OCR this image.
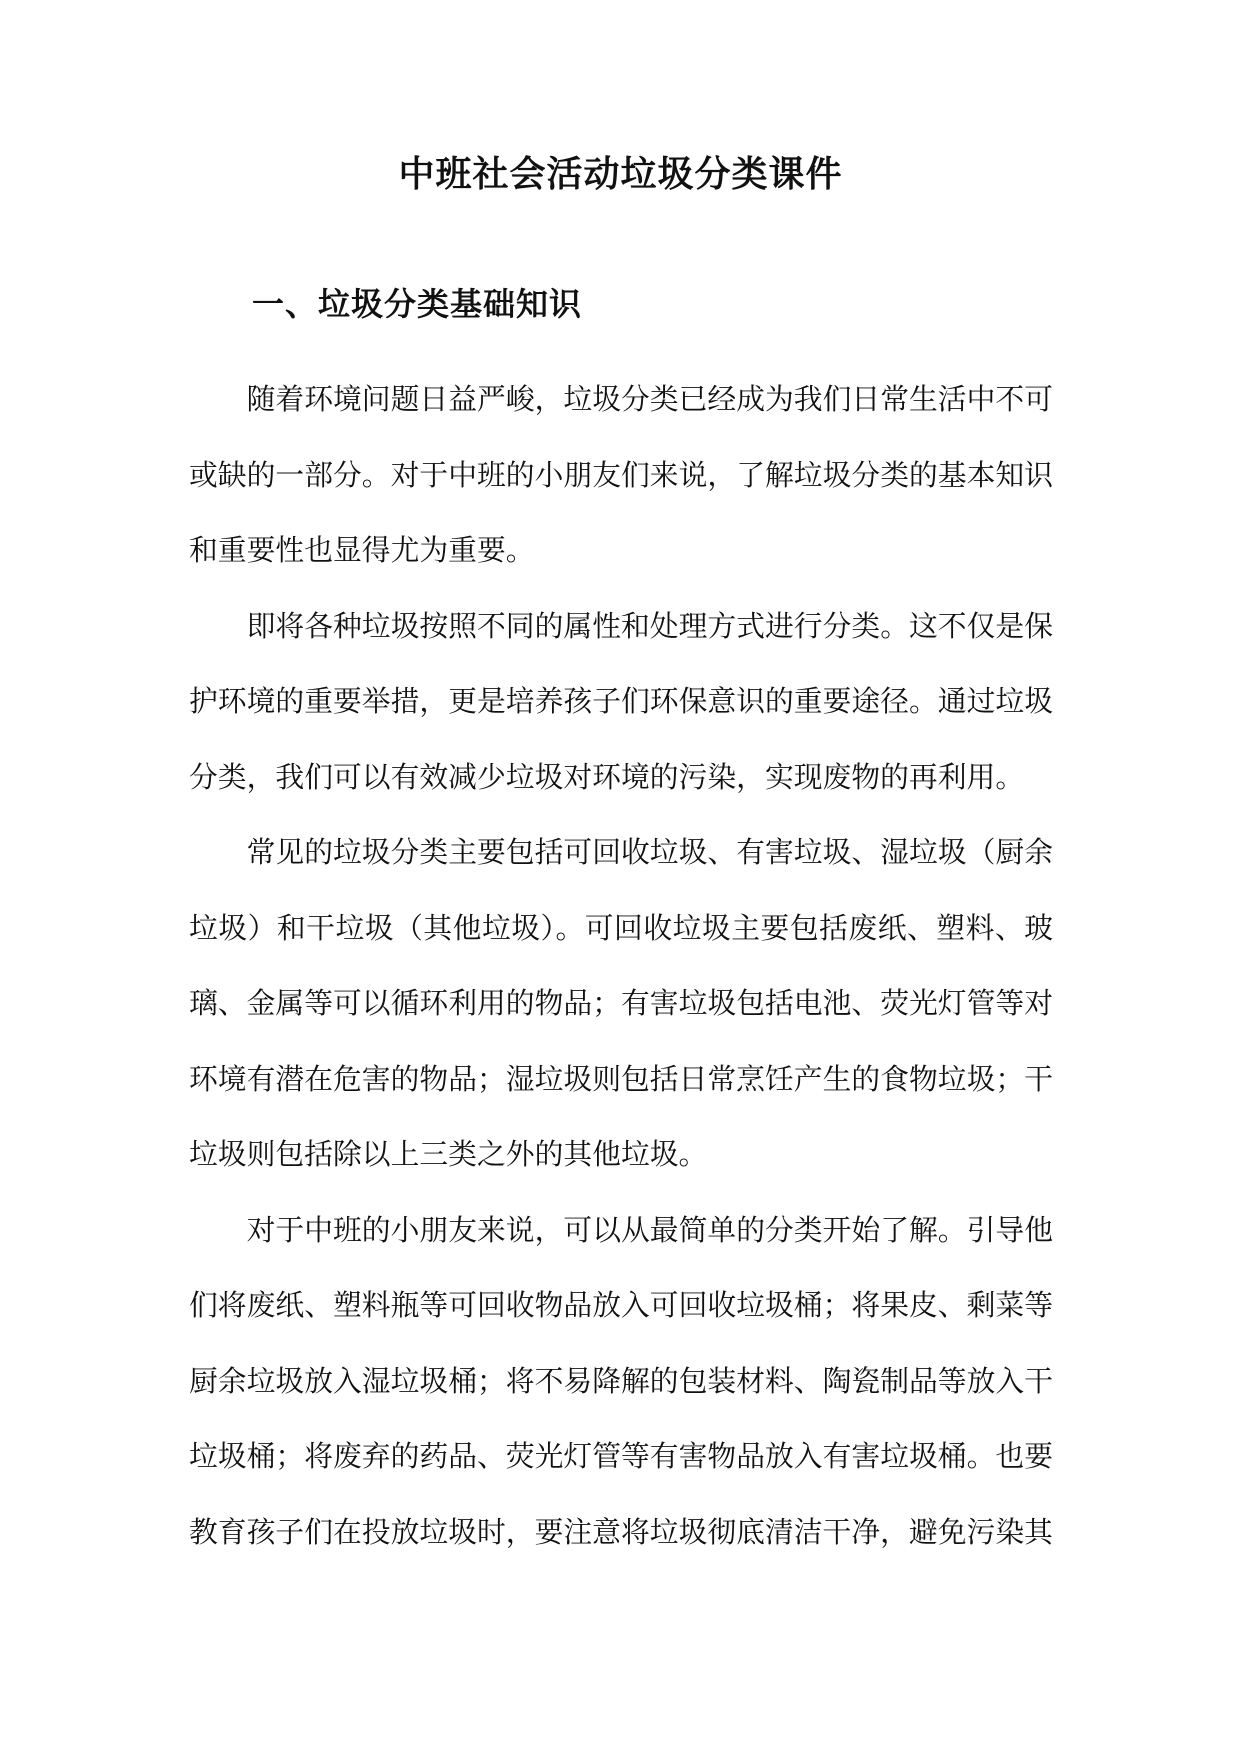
中班社会活动垃圾分类课件
一、垃圾分类基础知识

随着环境问题日益严峻，垃圾分类已经成为我们日常生活中不可或缺的一部分。对于中班的小朋友们来说，了解垃圾分类的基本知识和重要性也显得尤为重要。

即将各种垃圾按照不同的属性和处理方式进行分类。这不仅是保护环境的重要举措，更是培养孩子们环保意识的重要途径。通过垃圾分类，我们可以有效减少垃圾对环境的污染，实现废物的再利用。

常见的垃圾分类主要包括可回收垃圾、有害垃圾、湿垃圾（厨余垃圾）和干垃圾（其他垃圾）。可回收垃圾主要包括废纸、塑料、玻璃、金属等可以循环利用的物品；有害垃圾包括电池、荧光灯管等对环境有潜在危害的物品；湿垃圾则包括日常烹饪产生的食物垃圾；干垃圾则包括除以上三类之外的其他垃圾。

对于中班的小朋友来说，可以从最简单的分类开始了解。引导他们将废纸、塑料瓶等可回收物品放入可回收垃圾桶；将果皮、剩菜等厨余垃圾放入湿垃圾桶；将不易降解的包装材料、陶瓷制品等放入干垃圾桶；将废弃的药品、荧光灯管等有害物品放入有害垃圾桶。也要教育孩子们在投放垃圾时，要注意将垃圾彻底清洁干净，避免污染其
